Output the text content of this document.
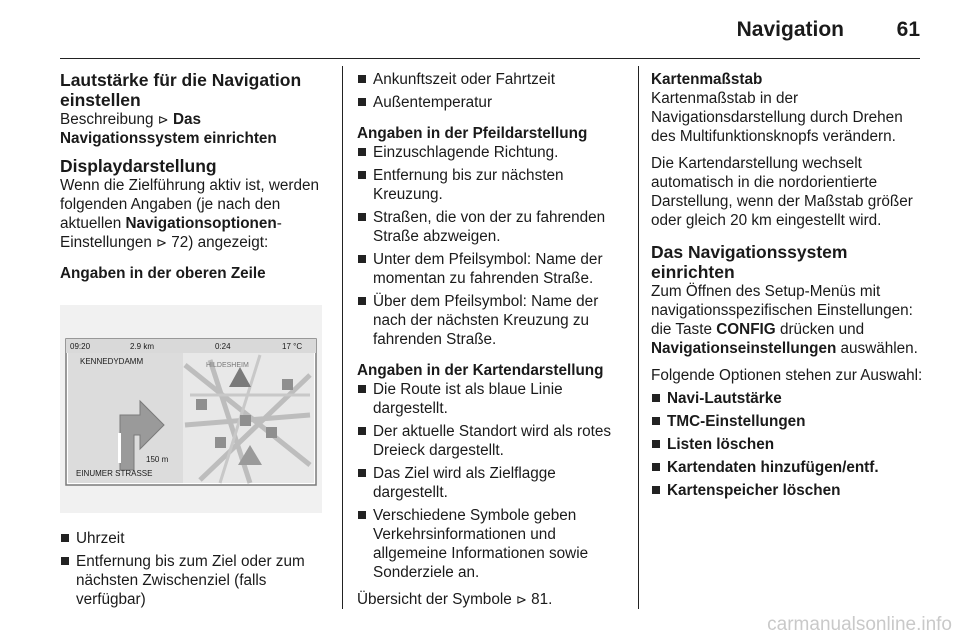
Navigation	61
Lautstärke für die Navigation einstellen

Beschreibung ⊳ Das Navigationssystem einrichten

Displaydarstellung

Wenn die Zielführung aktiv ist, werden folgenden Angaben (je nach den aktuellen Navigationsoptionen-Einstellungen ⊳ 72) angezeigt:

Angaben in der oberen Zeile

09:20	2.9 km	0:24	17 °C
KENNEDYDAMM	HILDESHEIM
150 m
EINUMER STRASSE
Uhrzeit
Entfernung bis zum Ziel oder zum nächsten Zwischenziel (falls verfügbar)
Ankunftszeit oder Fahrtzeit
Außentemperatur

Angaben in der Pfeildarstellung

Einzuschlagende Richtung.
Entfernung bis zur nächsten Kreuzung.
Straßen, die von der zu fahrenden Straße abzweigen.
Unter dem Pfeilsymbol: Name der momentan zu fahrenden Straße.
Über dem Pfeilsymbol: Name der nach der nächsten Kreuzung zu fahrenden Straße.

Angaben in der Kartendarstellung

Die Route ist als blaue Linie dargestellt.
Der aktuelle Standort wird als rotes Dreieck dargestellt.
Das Ziel wird als Zielflagge dargestellt.
Verschiedene Symbole geben Verkehrsinformationen und allgemeine Informationen sowie Sonderziele an.

Übersicht der Symbole ⊳ 81.

Kartenmaßstab

Kartenmaßstab in der Navigationsdarstellung durch Drehen des Multifunktionsknopfs verändern.

Die Kartendarstellung wechselt automatisch in die nordorientierte Darstellung, wenn der Maßstab größer oder gleich 20 km eingestellt wird.

Das Navigationssystem einrichten

Zum Öffnen des Setup-Menüs mit navigationsspezifischen Einstellungen: die Taste CONFIG drücken und Navigationseinstellungen auswählen.

Folgende Optionen stehen zur Auswahl:

Navi-Lautstärke
TMC-Einstellungen
Listen löschen
Kartendaten hinzufügen/entf.
Kartenspeicher löschen
carmanualsonline.info
